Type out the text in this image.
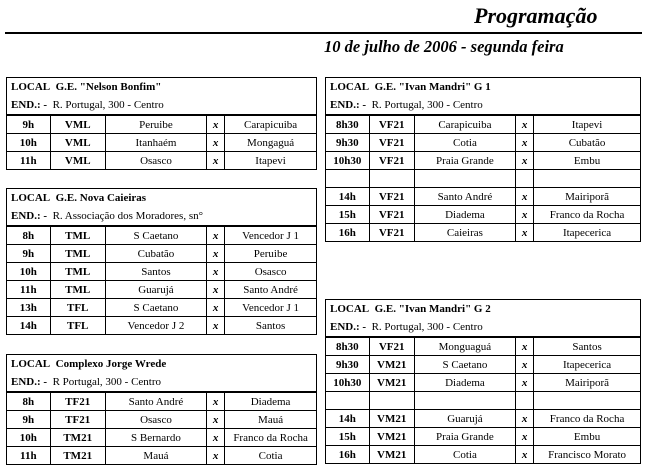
Programação
10 de julho de 2006 - segunda feira
LOCAL G.E. "Nelson Bonfim"
END.: - R. Portugal, 300 - Centro
9h	VML	Peruibe	x	Carapicuiba
10h	VML	Itanhaém	x	Mongaguá
11h	VML	Osasco	x	Itapevi
LOCAL G.E. Nova Caieiras
END.: - R. Associação dos Moradores, sn°
8h	TML	S Caetano	x	Vencedor J 1
9h	TML	Cubatão	x	Peruibe
10h	TML	Santos	x	Osasco
11h	TML	Guarujá	x	Santo André
13h	TFL	S Caetano	x	Vencedor J 1
14h	TFL	Vencedor J 2	x	Santos
LOCAL Complexo Jorge Wrede
END.: - R Portugal, 300 - Centro
8h	TF21	Santo André	x	Diadema
9h	TF21	Osasco	x	Mauá
10h	TM21	S Bernardo	x	Franco da Rocha
11h	TM21	Mauá	x	Cotia
LOCAL G.E. "Ivan Mandri" G 1
END.: - R. Portugal, 300 - Centro
8h30	VF21	Carapicuiba	x	Itapevi
9h30	VF21	Cotia	x	Cubatão
10h30	VF21	Praia Grande	x	Embu

14h	VF21	Santo André	x	Mairiporã
15h	VF21	Diadema	x	Franco da Rocha
16h	VF21	Caieiras	x	Itapecerica
LOCAL G.E. "Ivan Mandri" G 2
END.: - R. Portugal, 300 - Centro
8h30	VF21	Monguaguá	x	Santos
9h30	VM21	S Caetano	x	Itapecerica
10h30	VM21	Diadema	x	Mairiporã

14h	VM21	Guarujá	x	Franco da Rocha
15h	VM21	Praia Grande	x	Embu
16h	VM21	Cotia	x	Francisco Morato
